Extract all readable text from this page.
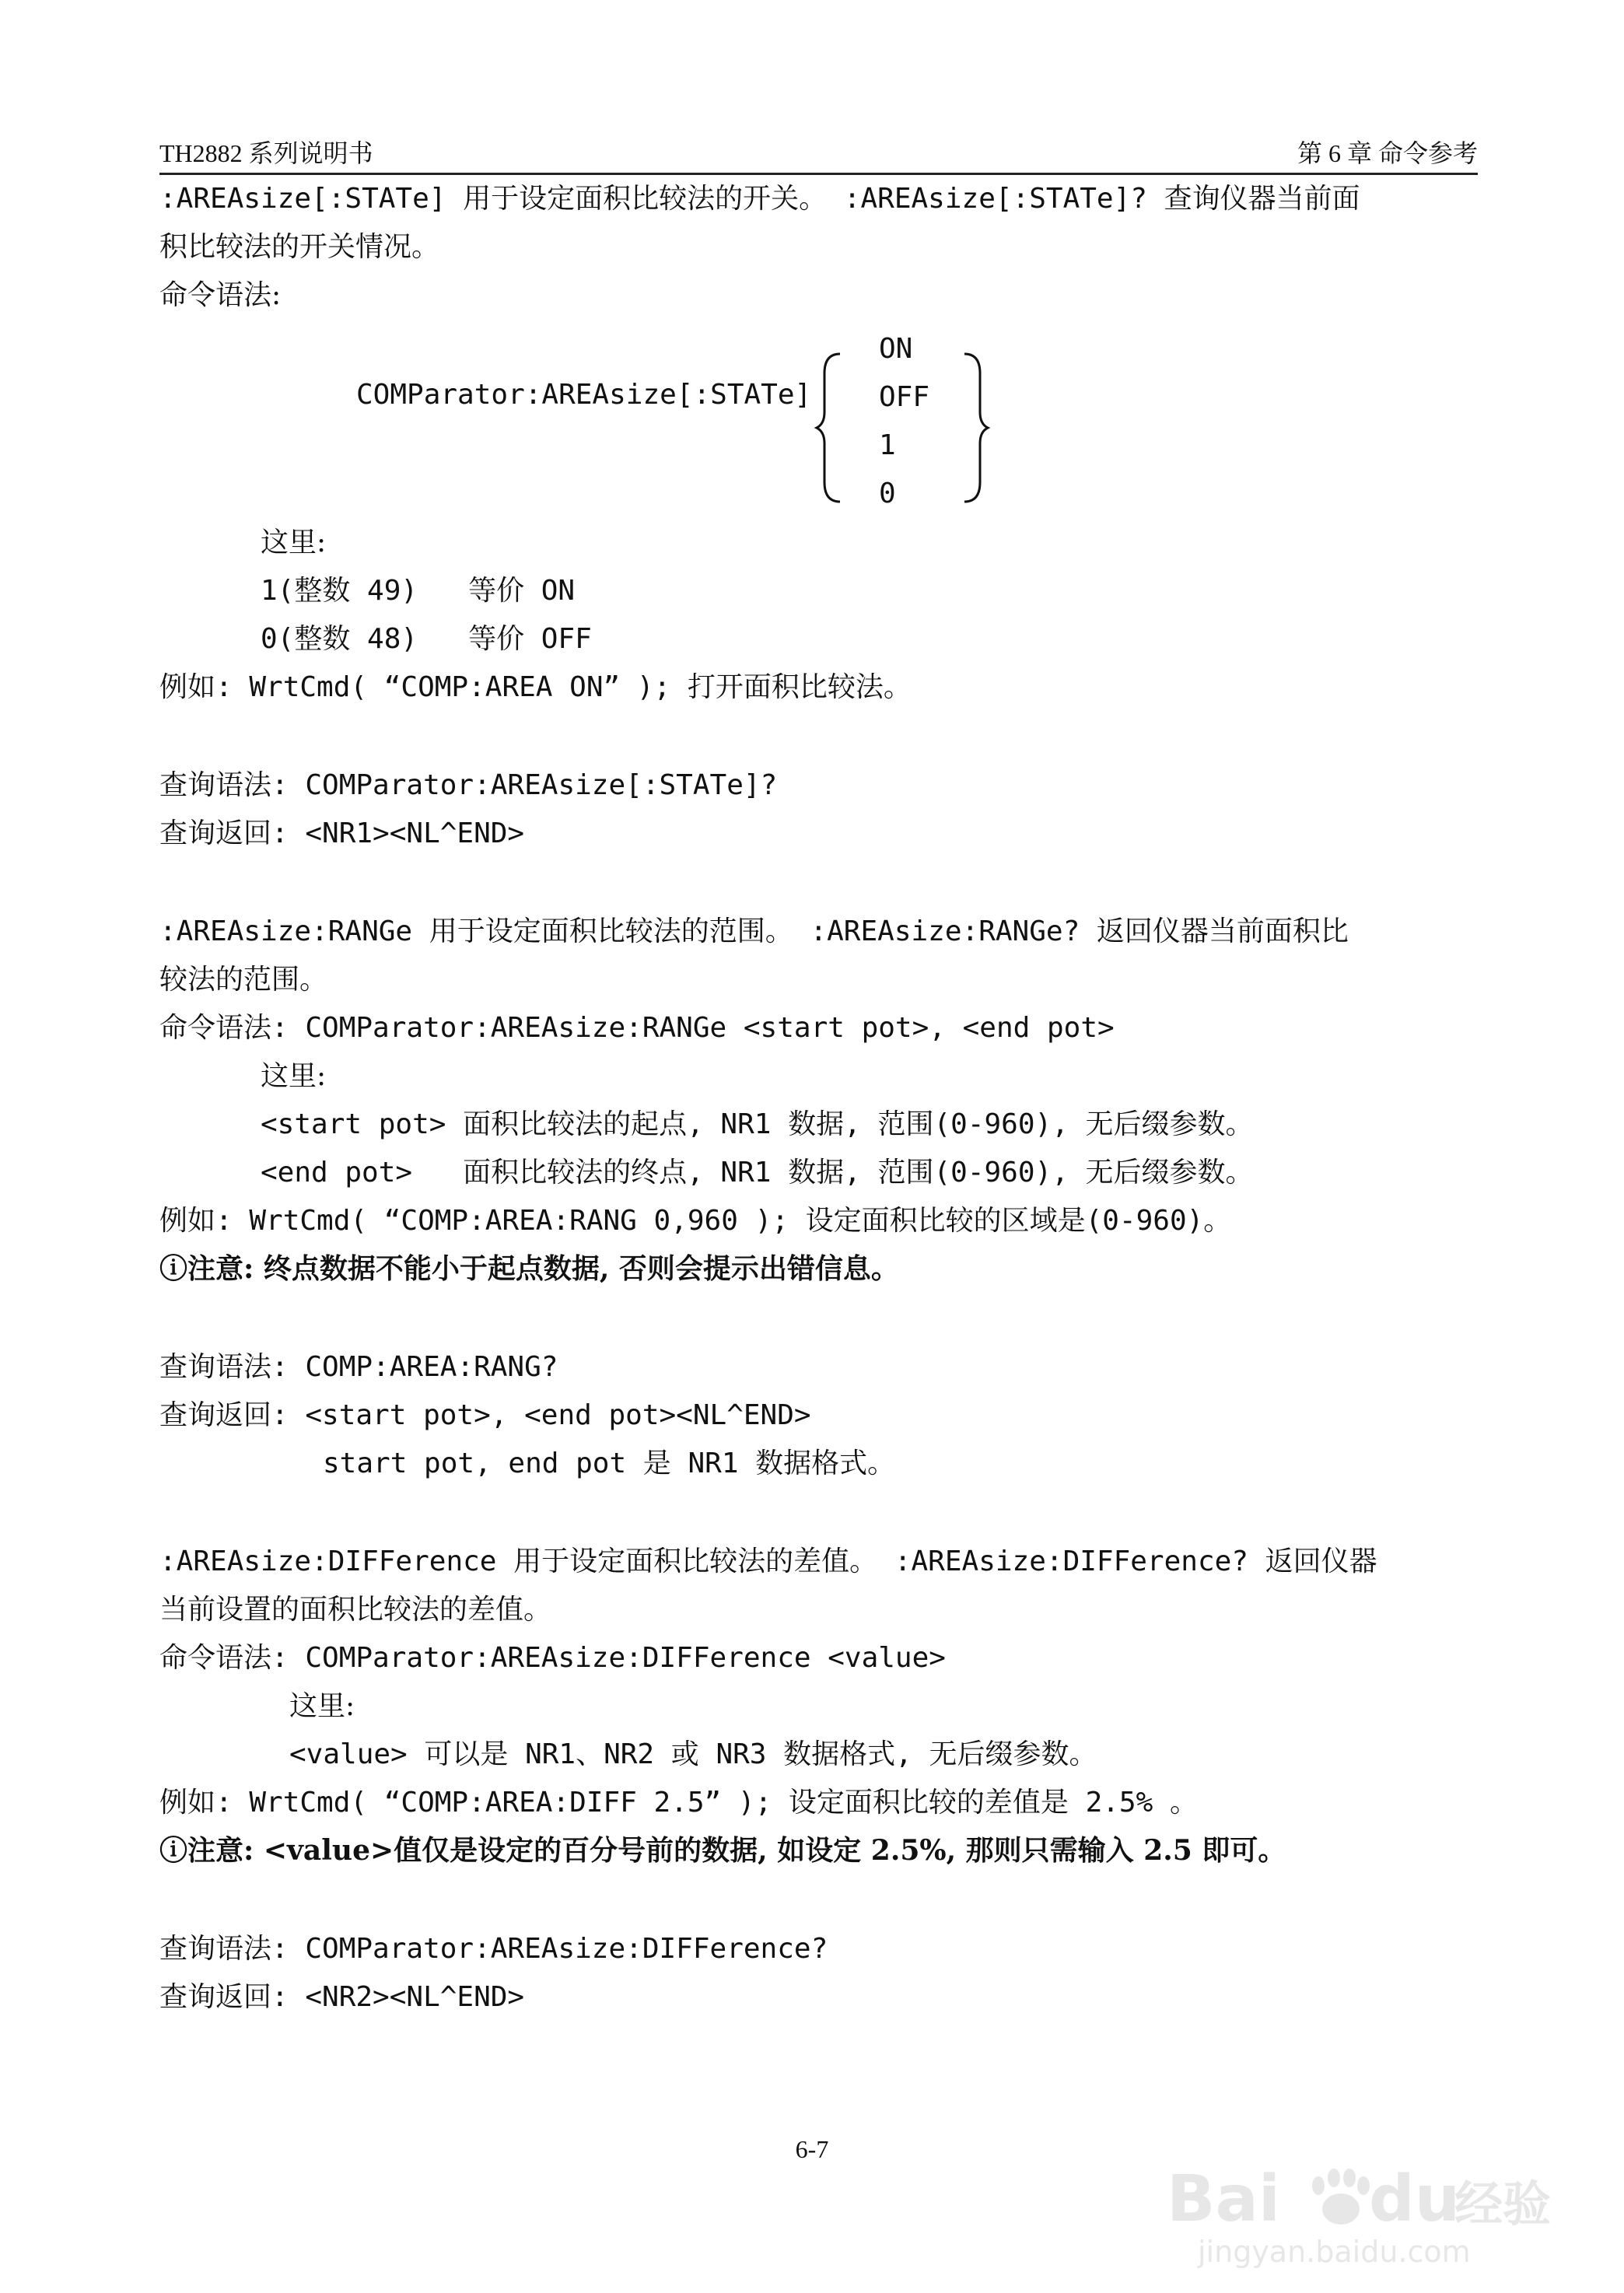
TH2882 系列说明书	第 6 章 命令参考
:AREAsize[:STATe] 用于设定面积比较法的开关。 :AREAsize[:STATe]? 查询仪器当前面
积比较法的开关情况。
命令语法:
COMParator:AREAsize[:STATe]
ON
OFF
1
0
这里:
1(整数 49)   等价 ON
0(整数 48)   等价 OFF
例如: WrtCmd( “COMP:AREA ON” ); 打开面积比较法。
查询语法: COMParator:AREAsize[:STATe]?
查询返回: <NR1><NL^END>
:AREAsize:RANGe 用于设定面积比较法的范围。 :AREAsize:RANGe? 返回仪器当前面积比
较法的范围。
命令语法: COMParator:AREAsize:RANGe <start pot>, <end pot>
这里:
<start pot> 面积比较法的起点, NR1 数据, 范围(0-960), 无后缀参数。
<end pot>   面积比较法的终点, NR1 数据, 范围(0-960), 无后缀参数。
例如: WrtCmd( “COMP:AREA:RANG 0,960 ); 设定面积比较的区域是(0-960)。
ⓘ注意: 终点数据不能小于起点数据, 否则会提示出错信息。
查询语法: COMP:AREA:RANG?
查询返回: <start pot>, <end pot><NL^END>
start pot, end pot 是 NR1 数据格式。
:AREAsize:DIFFerence 用于设定面积比较法的差值。 :AREAsize:DIFFerence? 返回仪器
当前设置的面积比较法的差值。
命令语法: COMParator:AREAsize:DIFFerence <value>
这里:
<value> 可以是 NR1、NR2 或 NR3 数据格式, 无后缀参数。
例如: WrtCmd( “COMP:AREA:DIFF 2.5” ); 设定面积比较的差值是 2.5% 。
ⓘ注意: <value>值仅是设定的百分号前的数据, 如设定 2.5%, 那则只需输入 2.5 即可。
查询语法: COMParator:AREAsize:DIFFerence?
查询返回: <NR2><NL^END>
6-7
Bai du
经验
jingyan.baidu.com
